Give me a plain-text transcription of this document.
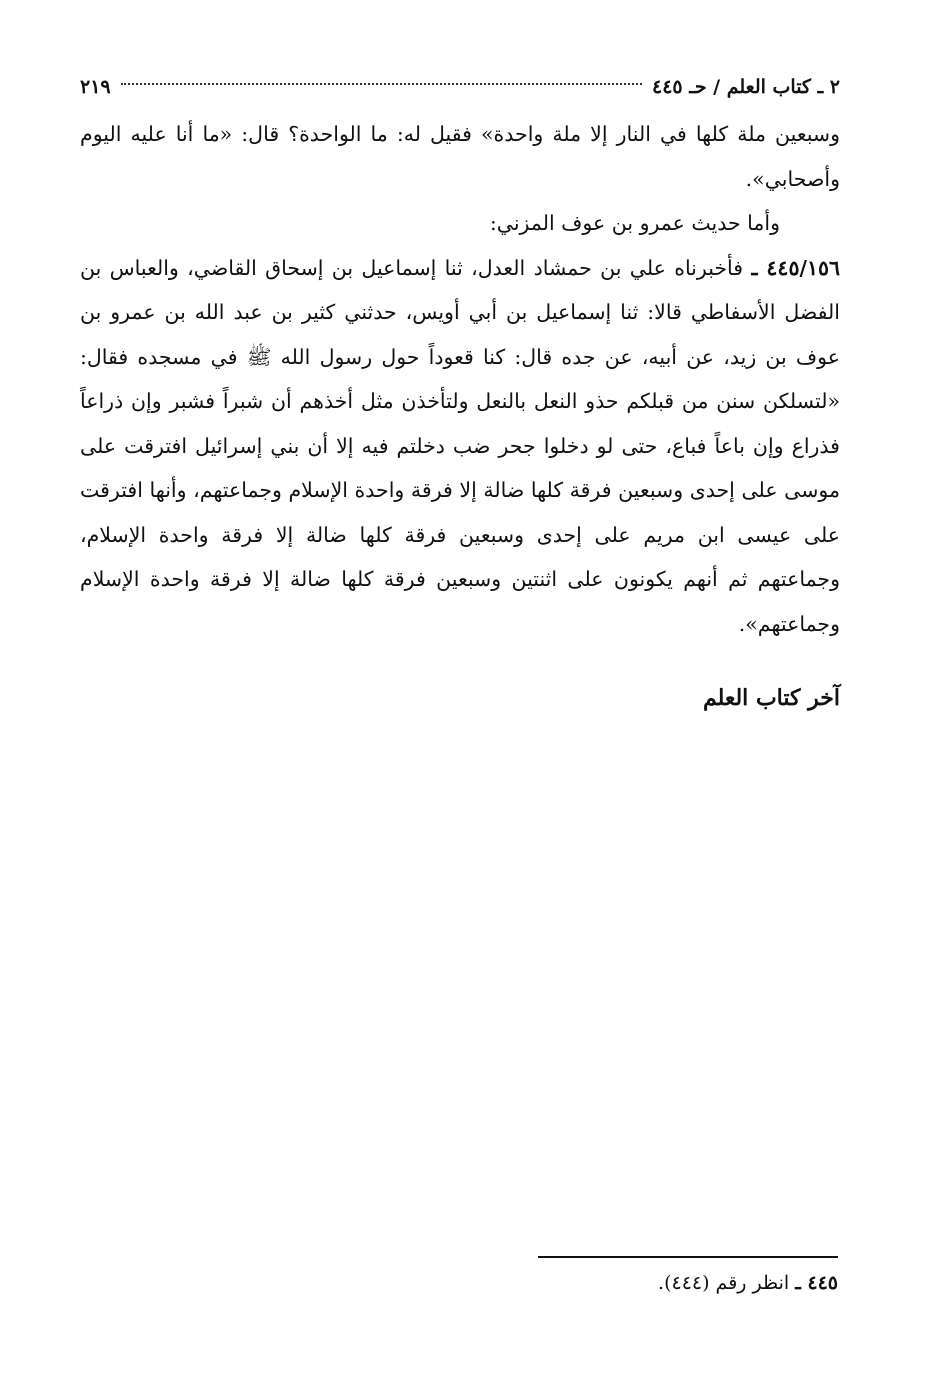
٢ ـ كتاب العلم / حـ ٤٤٥
٢١٩

وسبعين ملة كلها في النار إلا ملة واحدة» فقيل له: ما الواحدة؟ قال: «ما أنا عليه اليوم وأصحابي».

وأما حديث عمرو بن عوف المزني:

٤٤٥/١٥٦ ـ فأخبرناه علي بن حمشاد العدل، ثنا إسماعيل بن إسحاق القاضي، والعباس بن الفضل الأسفاطي قالا: ثنا إسماعيل بن أبي أويس، حدثني كثير بن عبد الله بن عمرو بن عوف بن زيد، عن أبيه، عن جده قال: كنا قعوداً حول رسول الله ﷺ في مسجده فقال: «لتسلكن سنن من قبلكم حذو النعل بالنعل ولتأخذن مثل أخذهم أن شبراً فشبر وإن ذراعاً فذراع وإن باعاً فباع، حتى لو دخلوا جحر ضب دخلتم فيه إلا أن بني إسرائيل افترقت على موسى على إحدى وسبعين فرقة كلها ضالة إلا فرقة واحدة الإسلام وجماعتهم، وأنها افترقت على عيسى ابن مريم على إحدى وسبعين فرقة كلها ضالة إلا فرقة واحدة الإسلام، وجماعتهم ثم أنهم يكونون على اثنتين وسبعين فرقة كلها ضالة إلا فرقة واحدة الإسلام وجماعتهم».

آخر كتاب العلم
٤٤٥ ـ انظر رقم (٤٤٤).
